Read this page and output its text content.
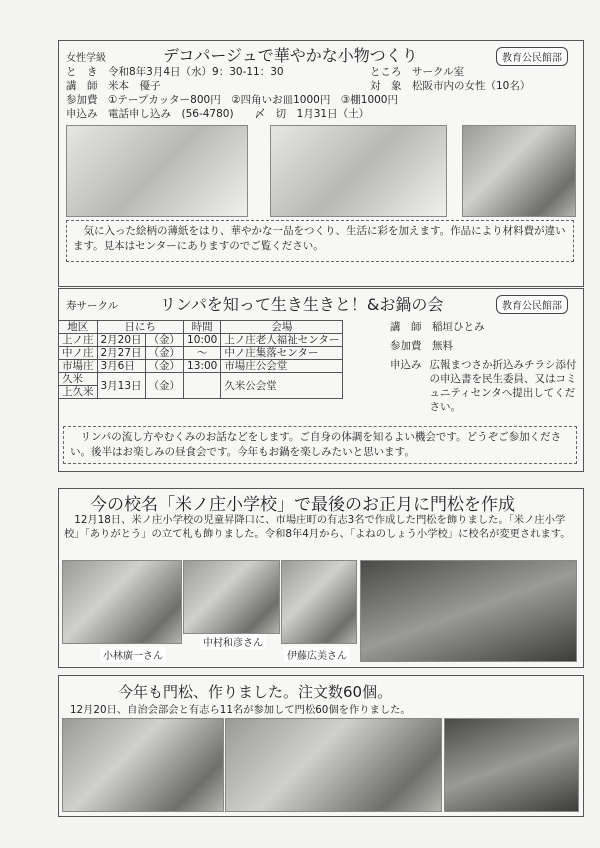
女性学級	デコパージュで華やかな小物つくり	教育公民館部
と　き　 令和8年3月4日（水）9：30-11：30
講　師　 米本　優子
参加費　 ①テープカッター800円　②四角いお皿1000円　③棚1000円
申込み　 電話申し込み　(56-4780)　　〆　切　1月31日（土）
ところ　サークル室
対　象　松阪市内の女性（10名）
　気に入った絵柄の薄紙をはり、華やかな一品をつくり、生活に彩を加えます。作品により材料費が違います。見本はセンターにありますのでご覧ください。
寿サークル	リンパを知って生き生きと！&お鍋の会	教育公民館部
地区	日にち		時間	会場
上ノ庄	2月20日	（金）	10:00	上ノ庄老人福祉センター
中ノ庄	2月27日	（金）	～	中ノ庄集落センター
市場庄	3月6日	（金）	13:00	市場庄公会堂
久米	3月13日	（金）		久米公会堂
上久米				
講　師　 稲垣ひとみ
参加費　 無料
申込み 広報まつさか折込みチラシ添付の申込書を民生委員、又はコミュニティセンタへ提出してください。
　リンパの流し方やむくみのお話などをします。ご自身の体調を知るよい機会です。どうぞご参加ください。後半はお楽しみの昼食会です。今年もお鍋を楽しみたいと思います。
今の校名「米ノ庄小学校」で最後のお正月に門松を作成
　12月18日、米ノ庄小学校の児童昇降口に、市場庄町の有志3名で作成した門松を飾りました。「米ノ庄小学校」「ありがとう」の立て札も飾りました。令和8年4月から、「よねのしょう小学校」に校名が変更されます。
小林廣一さん
中村和彦さん
伊藤広美さん
今年も門松、作りました。注文数60個。
12月20日、自治会部会と有志ら11名が参加して門松60個を作りました。
